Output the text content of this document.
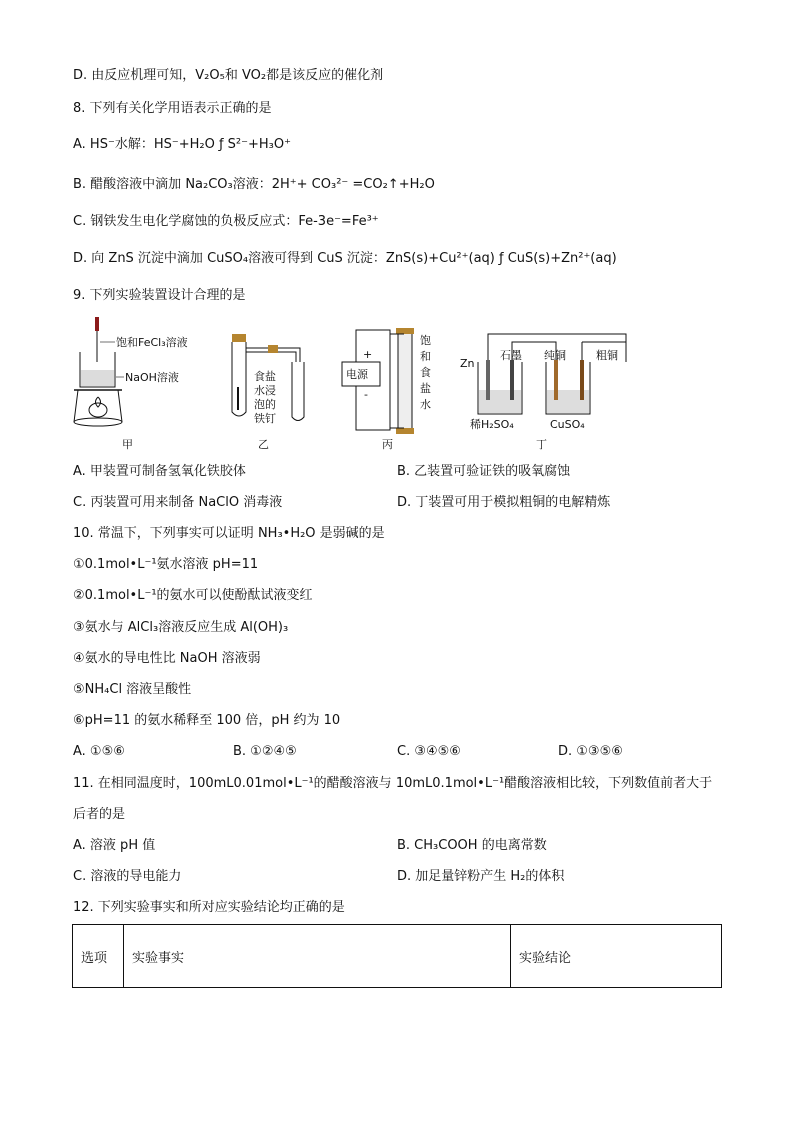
D. 由反应机理可知，V₂O₅和 VO₂都是该反应的催化剂
8. 下列有关化学用语表示正确的是
A. HS⁻水解：HS⁻+H₂O ƒ S²⁻+H₃O⁺
B. 醋酸溶液中滴加 Na₂CO₃溶液：2H⁺+ CO₃²⁻ =CO₂↑+H₂O
C. 钢铁发生电化学腐蚀的负极反应式：Fe-3e⁻=Fe³⁺
D. 向 ZnS 沉淀中滴加 CuSO₄溶液可得到 CuS 沉淀：ZnS(s)+Cu²⁺(aq) ƒ CuS(s)+Zn²⁺(aq)
9. 下列实验装置设计合理的是
饱和FeCl₃溶液
NaOH溶液
甲
食盐
水浸
泡的
铁钉
乙
电源
+
-
饱
和
食
盐
水
丙
Zn
石墨 纯铜	粗铜
稀H₂SO₄	CuSO₄
丁
A. 甲装置可制备氢氧化铁胶体	B. 乙装置可验证铁的吸氧腐蚀
C. 丙装置可用来制备 NaClO 消毒液	D. 丁装置可用于模拟粗铜的电解精炼
10. 常温下，下列事实可以证明 NH₃•H₂O 是弱碱的是
①0.1mol•L⁻¹氨水溶液 pH=11
②0.1mol•L⁻¹的氨水可以使酚酞试液变红
③氨水与 AlCl₃溶液反应生成 Al(OH)₃
④氨水的导电性比 NaOH 溶液弱
⑤NH₄Cl 溶液呈酸性
⑥pH=11 的氨水稀释至 100 倍，pH 约为 10
A. ①⑤⑥	B. ①②④⑤	C. ③④⑤⑥	D. ①③⑤⑥
11. 在相同温度时，100mL0.01mol•L⁻¹的醋酸溶液与 10mL0.1mol•L⁻¹醋酸溶液相比较，下列数值前者大于
后者的是
A. 溶液 pH 值	B. CH₃COOH 的电离常数
C. 溶液的导电能力	D. 加足量锌粉产生 H₂的体积
12. 下列实验事实和所对应实验结论均正确的是
选项	实验事实	实验结论
